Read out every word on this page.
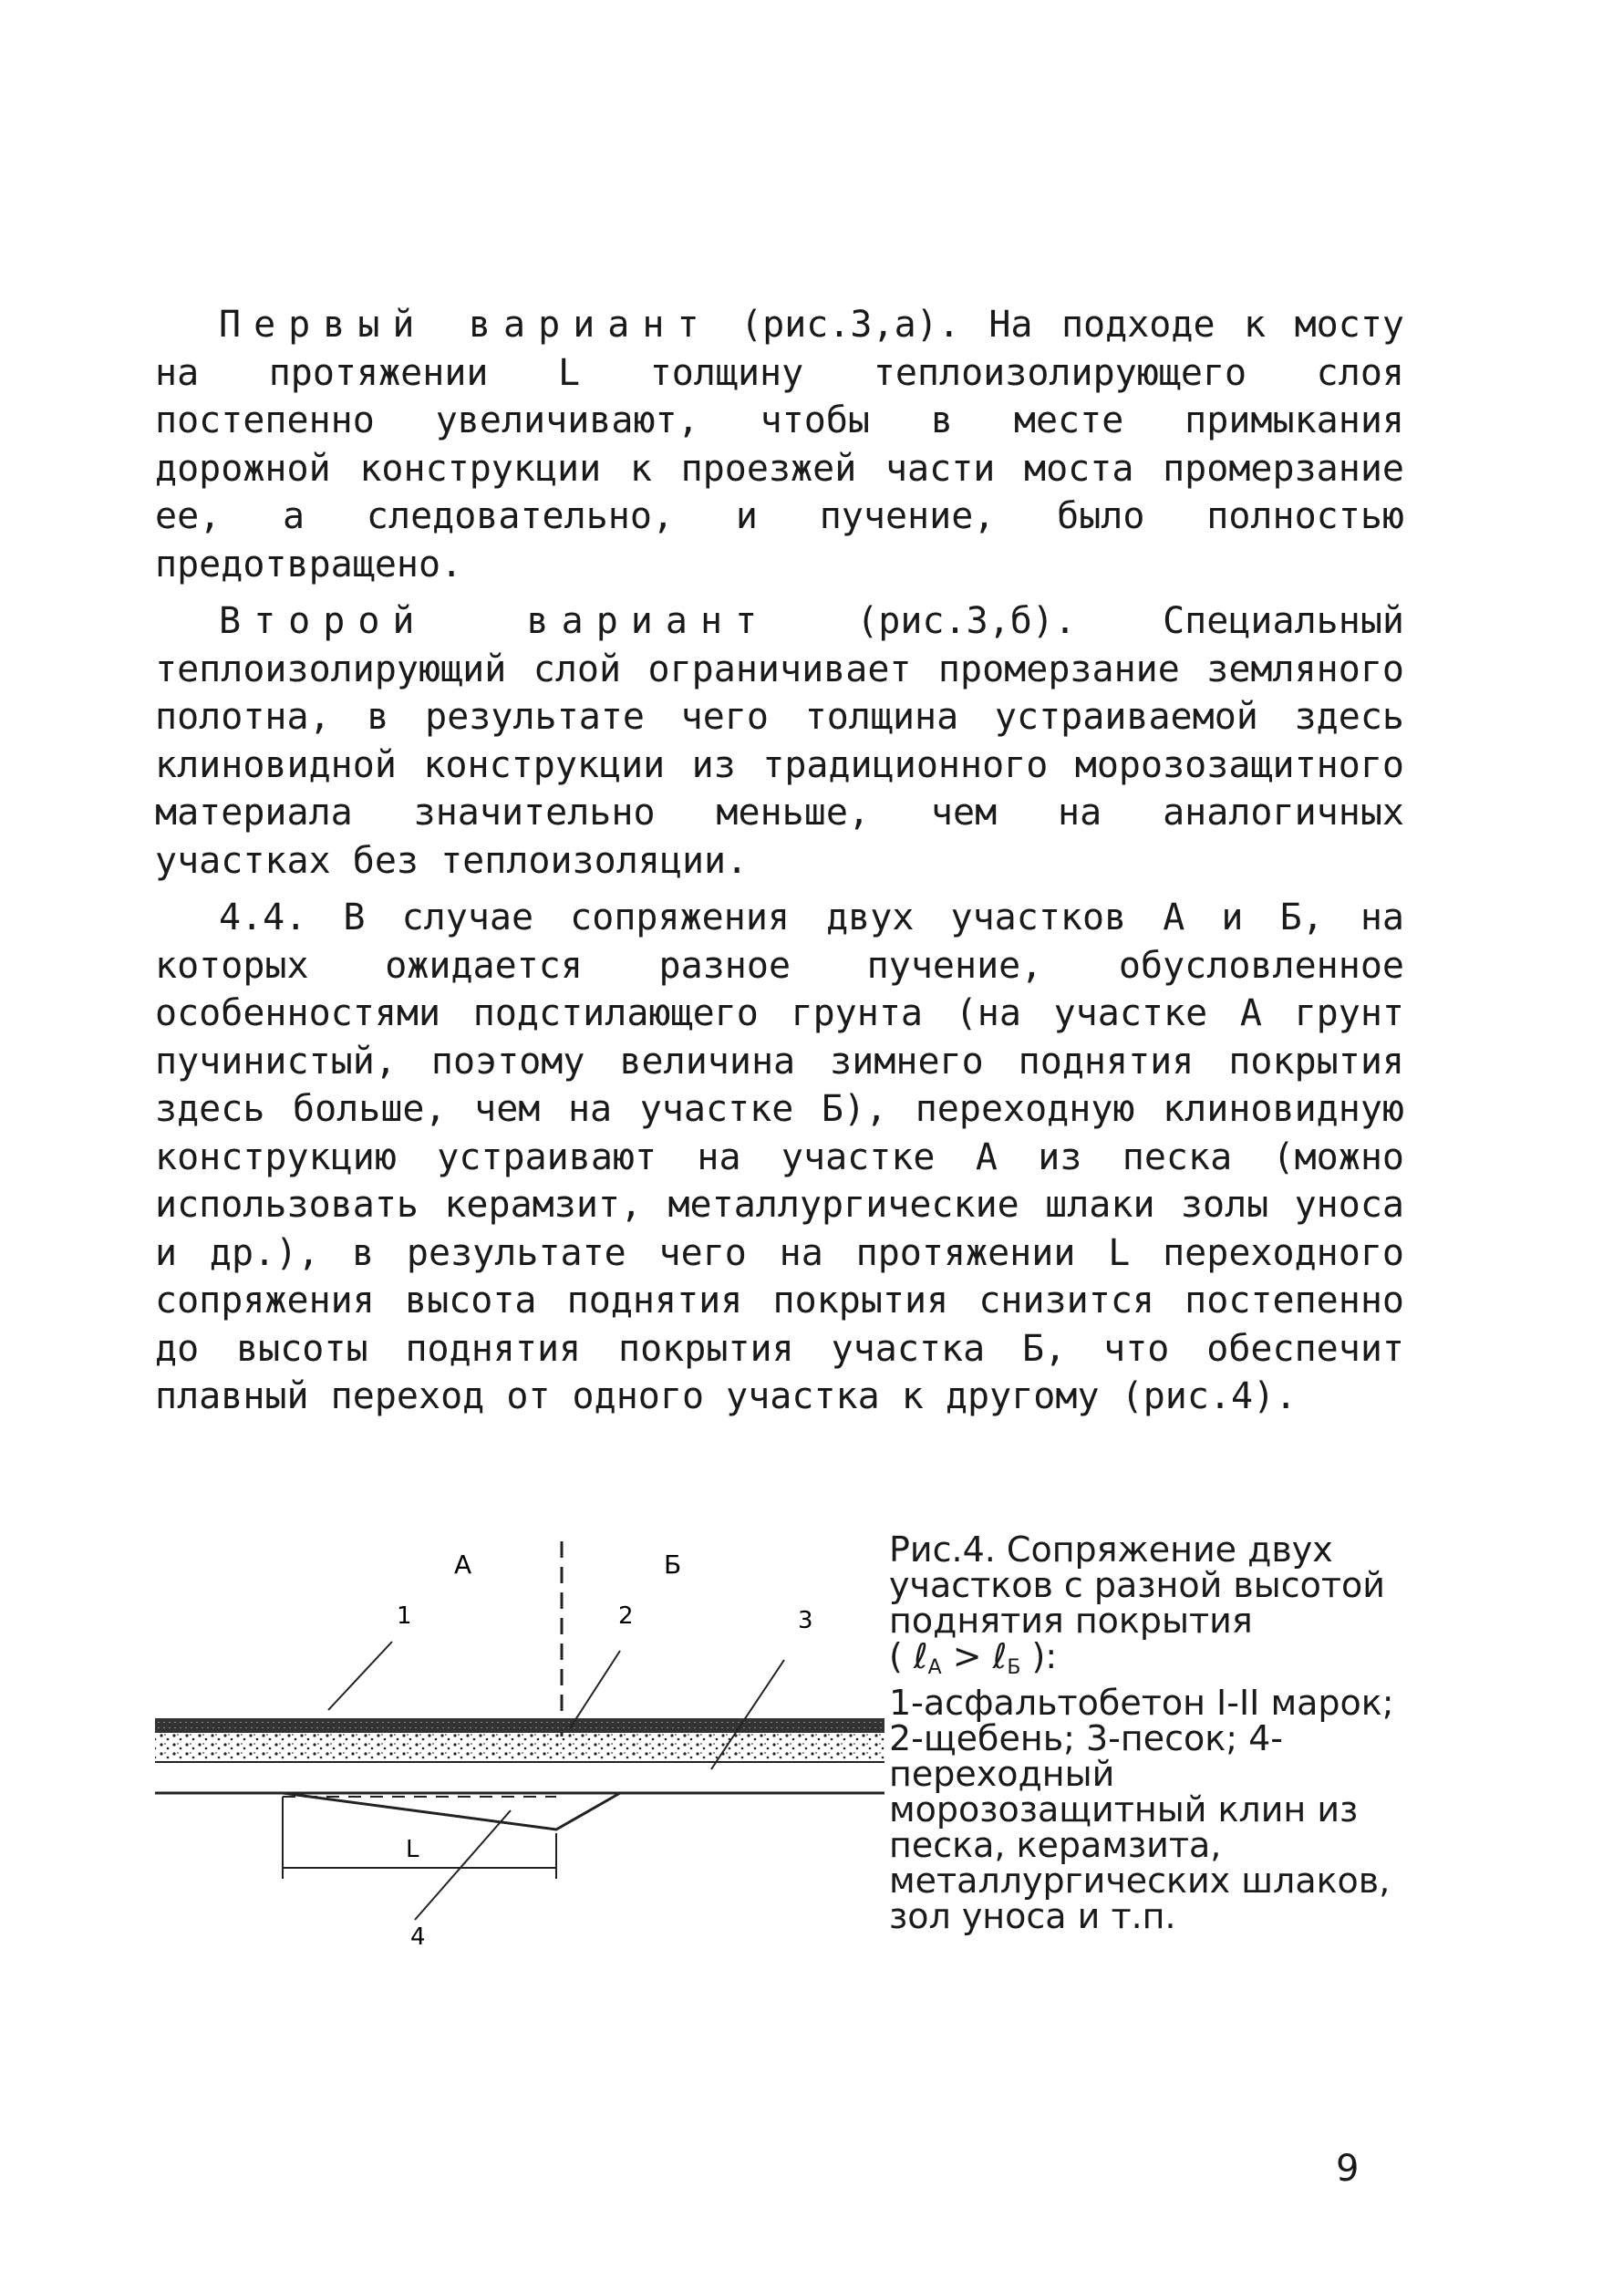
Первый вариант (рис.3,а). На подходе к мосту на протяжении L толщину теплоизолирующего слоя постепенно увеличивают, чтобы в месте примыкания дорожной конструкции к проезжей части моста промерзание ее, а следовательно, и пучение, было полностью предотвращено.

Второй вариант (рис.3,б). Специальный теплоизолирующий слой ограничивает промерзание земляного полотна, в результате чего толщина устраиваемой здесь клиновидной конструкции из традиционного морозозащитного материала значительно меньше, чем на аналогичных участках без теплоизоляции.

4.4. В случае сопряжения двух участков А и Б, на которых ожидается разное пучение, обусловленное особенностями подстилающего грунта (на участке А грунт пучинистый, поэтому величина зимнего поднятия покрытия здесь больше, чем на участке Б), переходную клиновидную конструкцию устраивают на участке А из песка (можно использовать керамзит, металлургические шлаки золы уноса и др.), в результате чего на протяжении L переходного сопряжения высота поднятия покрытия снизится постепенно до высоты поднятия покрытия участка Б, что обеспечит плавный переход от одного участка к другому (рис.4).

А	Б
1	2	3
4
L

Рис.4. Сопряжение двух участков с разной высотой поднятия покрытия

( ℓ$_А$ > ℓ$_Б$ ):

1-асфальтобетон I-II марок; 2-щебень; 3-песок; 4-переходный морозозащитный клин из песка, керамзита, металлургических шлаков, зол уноса и т.п.

9
